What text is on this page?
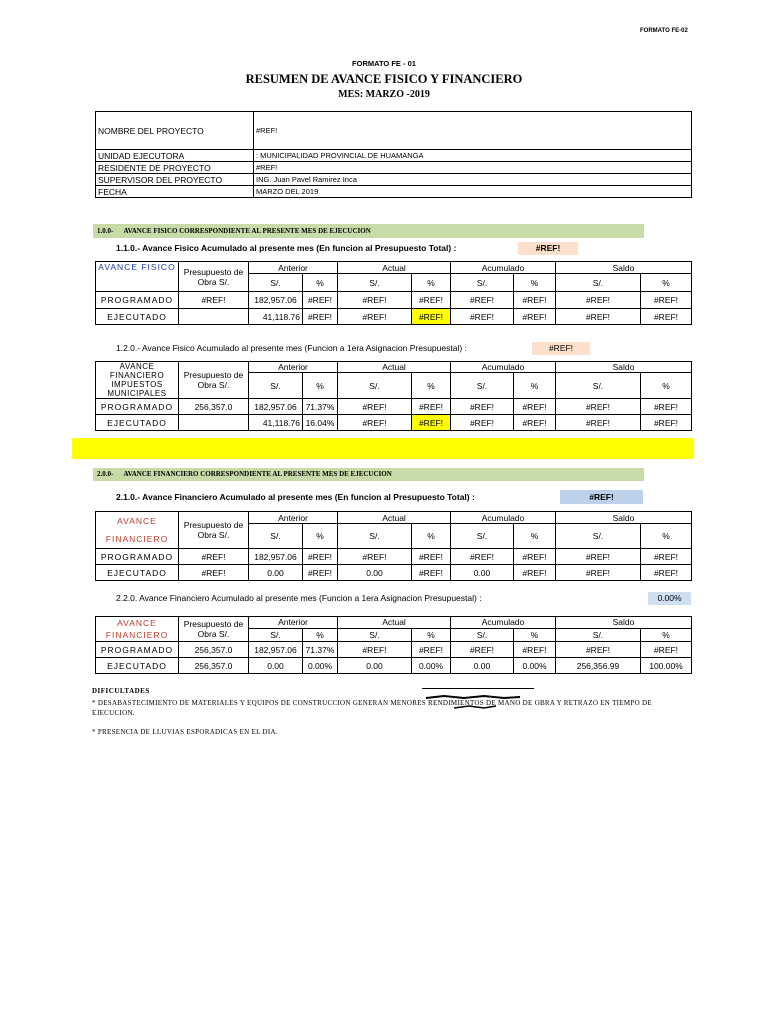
FORMATO FE-02
FORMATO FE - 01
RESUMEN DE AVANCE FISICO Y FINANCIERO
MES: MARZO -2019
NOMBRE DEL PROYECTO	#REF!
UNIDAD EJECUTORA	: MUNICIPALIDAD PROVINCIAL DE HUAMANGA
RESIDENTE DE PROYECTO	#REF!
SUPERVISOR DEL PROYECTO	ING. Juan Pavel Ramirez Inca
FECHA	MARZO DEL 2019
1.0.0-      AVANCE FISICO CORRESPONDIENTE AL PRESENTE MES DE EJECUCION
1.1.0.- Avance Fisico Acumulado al presente mes (En funcion al Presupuesto Total) :	#REF!
AVANCE FISICO	Presupuesto de Obra S/.	Anterior		Actual		Acumulado		Saldo	
		S/.	%	S/.	%	S/.	%	S/.	%
PROGRAMADO	#REF!	182,957.06	#REF!	#REF!	#REF!	#REF!	#REF!	#REF!	#REF!
EJECUTADO		41,118.76	#REF!	#REF!	#REF!	#REF!	#REF!	#REF!	#REF!
1.2.0.- Avance Fisico Acumulado al presente mes (Funcion a 1era Asignacion Presupuestal) :	#REF!
AVANCE FINANCIERO IMPUESTOS MUNICIPALES	Presupuesto de Obra S/.	Anterior		Actual		Acumulado		Saldo	
		S/.	%	S/.	%	S/.	%	S/.	%
PROGRAMADO	256,357.0	182,957.06	71.37%	#REF!	#REF!	#REF!	#REF!	#REF!	#REF!
EJECUTADO		41,118.76	16.04%	#REF!	#REF!	#REF!	#REF!	#REF!	#REF!
2.0.0-      AVANCE FINANCIERO CORRESPONDIENTE AL PRESENTE MES DE EJECUCION
2.1.0.- Avance Financiero Acumulado al presente mes (En funcion al Presupuesto Total) :	#REF!
AVANCE
FINANCIERO	Presupuesto de Obra S/.	Anterior		Actual		Acumulado		Saldo	
		S/.	%	S/.	%	S/.	%	S/.	%
PROGRAMADO	#REF!	182,957.06	#REF!	#REF!	#REF!	#REF!	#REF!	#REF!	#REF!
EJECUTADO	#REF!	0.00	#REF!	0.00	#REF!	0.00	#REF!	#REF!	#REF!
2.2.0. Avance Financiero Acumulado al presente mes (Funcion a 1era Asignacion Presupuestal) :	0.00%
AVANCE
FINANCIERO	Presupuesto de Obra S/.	Anterior		Actual		Acumulado		Saldo	
		S/.	%	S/.	%	S/.	%	S/.	%
PROGRAMADO	256,357.0	182,957.06	71.37%	#REF!	#REF!	#REF!	#REF!	#REF!	#REF!
EJECUTADO	256,357.0	0.00	0.00%	0.00	0.00%	0.00	0.00%	256,356.99	100.00%
DIFICULTADES
* DESABASTECIMIENTO DE MATERIALES Y EQUIPOS DE CONSTRUCCION GENERAN MENORES RENDIMIENTOS DE MANO DE OBRA Y RETRAZO EN TIEMPO DE EJECUCION.
* PRESENCIA DE LLUVIAS ESPORADICAS EN EL DIA.
